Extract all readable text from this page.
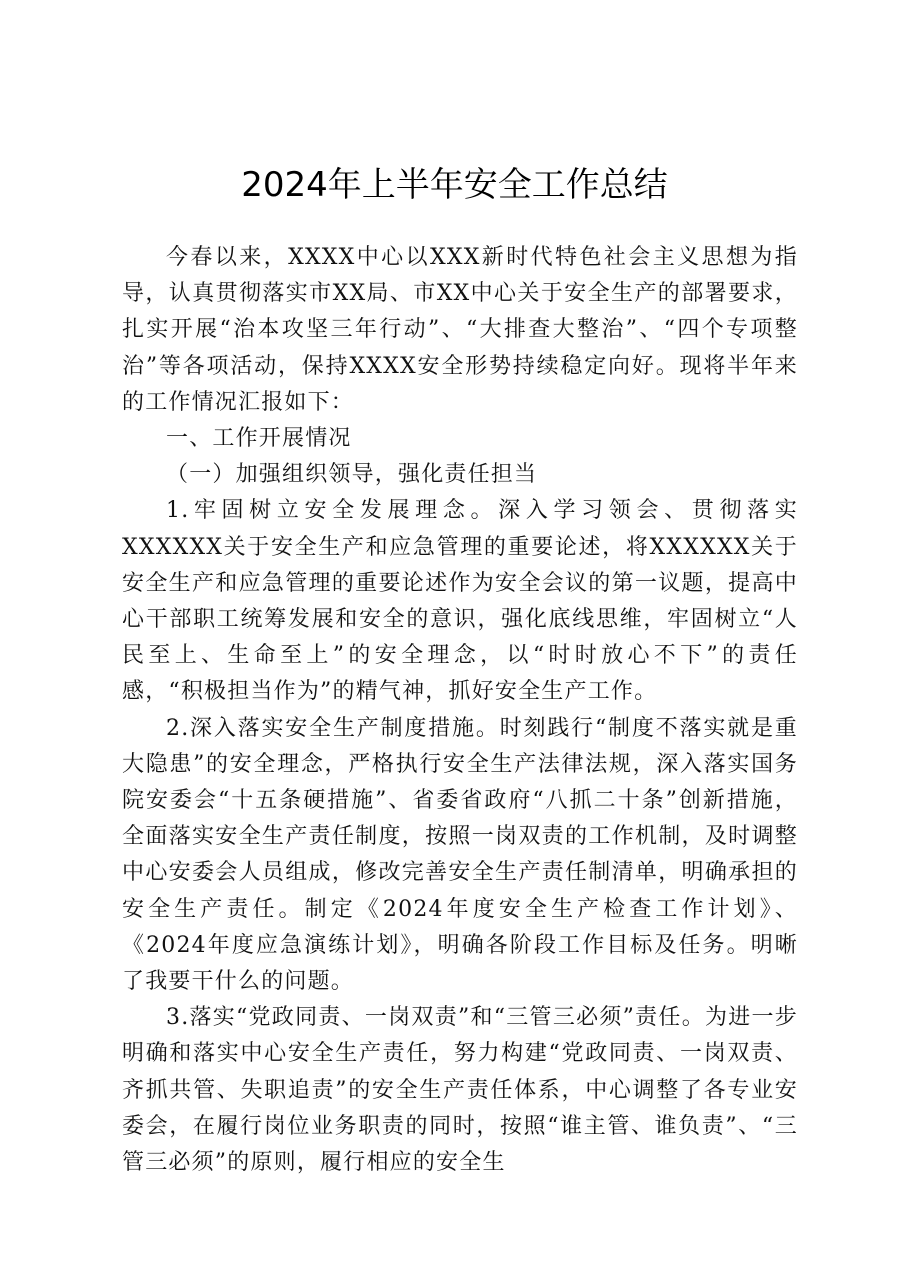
2024年上半年安全工作总结

今春以来，XXXX中心以XXX新时代特色社会主义思想为指导，认真贯彻落实市XX局、市XX中心关于安全生产的部署要求，扎实开展“治本攻坚三年行动”、“大排查大整治”、“四个专项整治”等各项活动，保持XXXX安全形势持续稳定向好。现将半年来的工作情况汇报如下：

一、工作开展情况

（一）加强组织领导，强化责任担当

1.牢固树立安全发展理念。深入学习领会、贯彻落实XXXXXX关于安全生产和应急管理的重要论述，将XXXXXX关于安全生产和应急管理的重要论述作为安全会议的第一议题，提高中心干部职工统筹发展和安全的意识，强化底线思维，牢固树立“人民至上、生命至上”的安全理念，以“时时放心不下”的责任感，“积极担当作为”的精气神，抓好安全生产工作。

2.深入落实安全生产制度措施。时刻践行“制度不落实就是重大隐患”的安全理念，严格执行安全生产法律法规，深入落实国务院安委会“十五条硬措施”、省委省政府“八抓二十条”创新措施，全面落实安全生产责任制度，按照一岗双责的工作机制，及时调整中心安委会人员组成，修改完善安全生产责任制清单，明确承担的安全生产责任。制定《2024年度安全生产检查工作计划》、《2024年度应急演练计划》，明确各阶段工作目标及任务。明晰了我要干什么的问题。

3.落实“党政同责、一岗双责”和“三管三必须”责任。为进一步明确和落实中心安全生产责任，努力构建“党政同责、一岗双责、齐抓共管、失职追责”的安全生产责任体系，中心调整了各专业安委会，在履行岗位业务职责的同时，按照“谁主管、谁负责”、“三管三必须”的原则，履行相应的安全生
